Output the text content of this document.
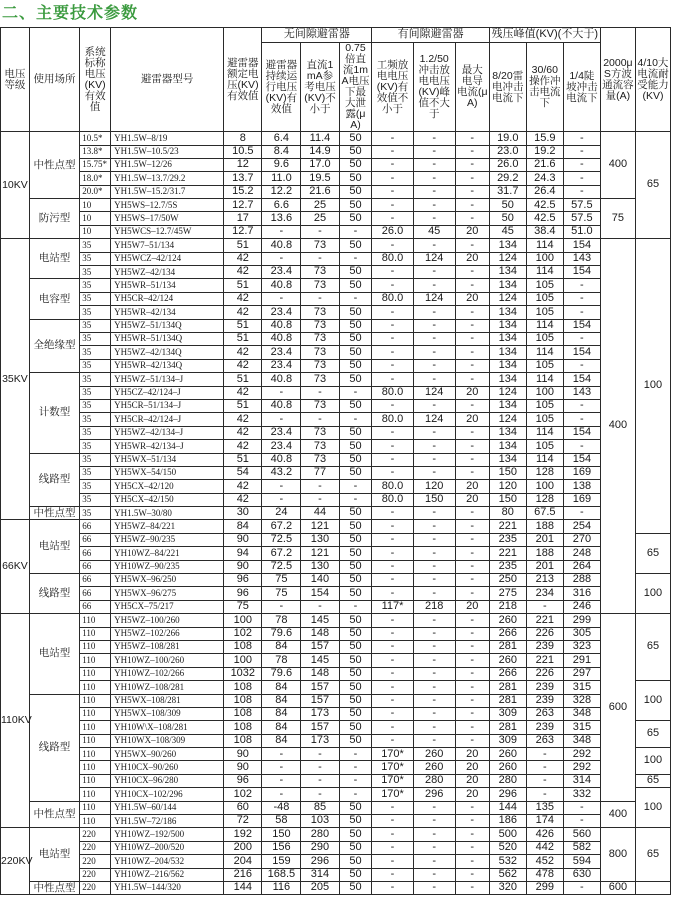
二、主要技术参数
电压等级	使用场所	系统标称电压(KV)有效值	避雷器型号	避雷器额定电压(KV)有效值	无间隙避雷器			有间隙避雷器			残压峰值(KV)(不大于)			2000μS方波通流容量(A)	4/10大电流耐受能力(KV)
					避雷器持续运行电压(KV)有效值	直流1mA参考电压(KV)不小于	0.75倍直流1mA电压下最大泄露(μA)	工频放电电压(KV)有效值不小于	1.2/50冲击放电电压(KV)峰值不大于	最大电导电流(μA)	8/20雷电冲击电流下	30/60操作冲击电流下	1/4陡坡冲击电流下		
10KV	中性点型	10.5*	YH1.5W–8/19	8	6.4	11.4	50	-	-	-	19.0	15.9	-	400	65
		13.8*	YH1.5W–10.5/23	10.5	8.4	14.9	50	-	-	-	23.0	19.2	-		
		15.75*	YH1.5W–12/26	12	9.6	17.0	50	-	-	-	26.0	21.6	-		
		18.0*	YH1.5W–13.7/29.2	13.7	11.0	19.5	50	-	-	-	29.2	24.3	-		
		20.0*	YH1.5W–15.2/31.7	15.2	12.2	21.6	50	-	-	-	31.7	26.4	-		
	防污型	10	YH5WS–12.7/5S	12.7	6.6	25	50	-	-	-	50	42.5	57.5	75	
		10	YH5WS–17/50W	17	13.6	25	50	-	-	-	50	42.5	57.5		
		10	YH5WCS–12.7/45W	12.7	-	-	-	26.0	45	20	45	38.4	51.0		
35KV	电站型	35	YH5W7–51/134	51	40.8	73	50	-	-	-	134	114	154	400	100
		35	YH5WCZ–42/124	42	-	-	-	80.0	124	20	124	100	143		
		35	YH5WZ–42/134	42	23.4	73	50	-	-	-	134	114	154		
	电容型	35	YH5WR–51/134	51	40.8	73	50	-	-	-	134	105	-		
		35	YH5CR–42/124	42	-	-	-	80.0	124	20	124	105	-		
		35	YH5WR–42/134	42	23.4	73	50	-	-	-	134	105	-		
	全绝缘型	35	YH5WZ–51/134Q	51	40.8	73	50	-	-	-	134	114	154		
		35	YH5WR–51/134Q	51	40.8	73	50	-	-	-	134	105	-		
		35	YH5WZ–42/134Q	42	23.4	73	50	-	-	-	134	114	154		
		35	YH5WR–42/134Q	42	23.4	73	50	-	-	-	134	105	-		
	计数型	35	YH5WZ–51/134–J	51	40.8	73	50	-	-	-	134	114	154		
		35	YH5CZ–42/124–J	42	-	-	-	80.0	124	20	124	100	143		
		35	YH5CR–51/134–J	51	40.8	73	50	-	-	-	134	105	-		
		35	YH5CR–42/124–J	42	-	-	-	80.0	124	20	124	105	-		
		35	YH5WZ–42/134–J	42	23.4	73	50	-	-	-	134	114	154		
		35	YH5WR–42/134–J	42	23.4	73	50	-	-	-	134	105	-		
	线路型	35	YH5WX–51/134	51	40.8	73	50	-	-	-	134	114	154		
		35	YH5WX–54/150	54	43.2	77	50	-	-	-	150	128	169		
		35	YH5CX–42/120	42	-	-	-	80.0	120	20	120	100	138		
		35	YH5CX–42/150	42	-	-	-	80.0	150	20	150	128	169		
	中性点型	35	YH1.5W–30/80	30	24	44	50	-	-	-	80	67.5	-		
66KV	电站型	66	YH5WZ–84/221	84	67.2	121	50	-	-	-	221	188	254		
		66	YH5WZ–90/235	90	72.5	130	50	-	-	-	235	201	270		65
		66	YH10WZ–84/221	94	67.2	121	50	-	-	-	221	188	248		
		66	YH10WZ–90/235	90	72.5	130	50	-	-	-	235	201	264		
	线路型	66	YH5WX–96/250	96	75	140	50	-	-	-	250	213	288		100
		66	YH5WX–96/275	96	75	154	50	-	-	-	275	234	316		
		66	YH5CX–75/217	75	-	-	-	117*	218	20	218	-	246		
110KV	电站型	110	YH5WZ–100/260	100	78	145	50	-	-	-	260	221	299	600	65
		110	YH5WZ–102/266	102	79.6	148	50	-	-	-	266	226	305		
		110	YH5WZ–108/281	108	84	157	50	-	-	-	281	239	323		
		110	YH10WZ–100/260	100	78	145	50	-	-	-	260	221	291		
		110	YH10WZ–102/266	1032	79.6	148	50	-	-	-	266	226	297		
		110	YH10WZ–108/281	108	84	157	50	-	-	-	281	239	315		100
	线路型	110	YH5WX–108/281	108	84	157	50	-	-	-	281	239	328		
		110	YH5WX–108/309	108	84	173	50	-	-	-	309	263	348		
		110	YH10W\X–108/281	108	84	157	50	-	-	-	281	239	315		65
		110	YH10WX–108/309	108	84	173	50	-	-	-	309	263	348		
		110	YH5WX–90/260	90	-	-	-	170*	260	20	260	-	292		100
		110	YH10CX–90/260	90	-	-	-	170*	260	20	260	-	292		
		110	YH10CX–96/280	96	-	-	-	170*	280	20	280	-	314		65
		110	YH10CX–102/296	102	-	-	-	170*	296	20	296	-	332		100
	中性点型	110	YH1.5W–60/144	60	-48	85	50	-	-	-	144	135	-	400	
		110	YH1.5W–72/186	72	58	103	50	-	-	-	186	174	-		
220KV	电站型	220	YH10WZ–192/500	192	150	280	50	-	-	-	500	426	560	800	65
		220	YH10WZ–200/520	200	156	290	50	-	-	-	520	442	582		
		220	YH10WZ–204/532	204	159	296	50	-	-	-	532	452	594		
		220	YH10WZ–216/562	216	168.5	314	50	-	-	-	562	478	630		
	中性点型	220	YH1.5W–144/320	144	116	205	50	-	-	-	320	299	-	600	
